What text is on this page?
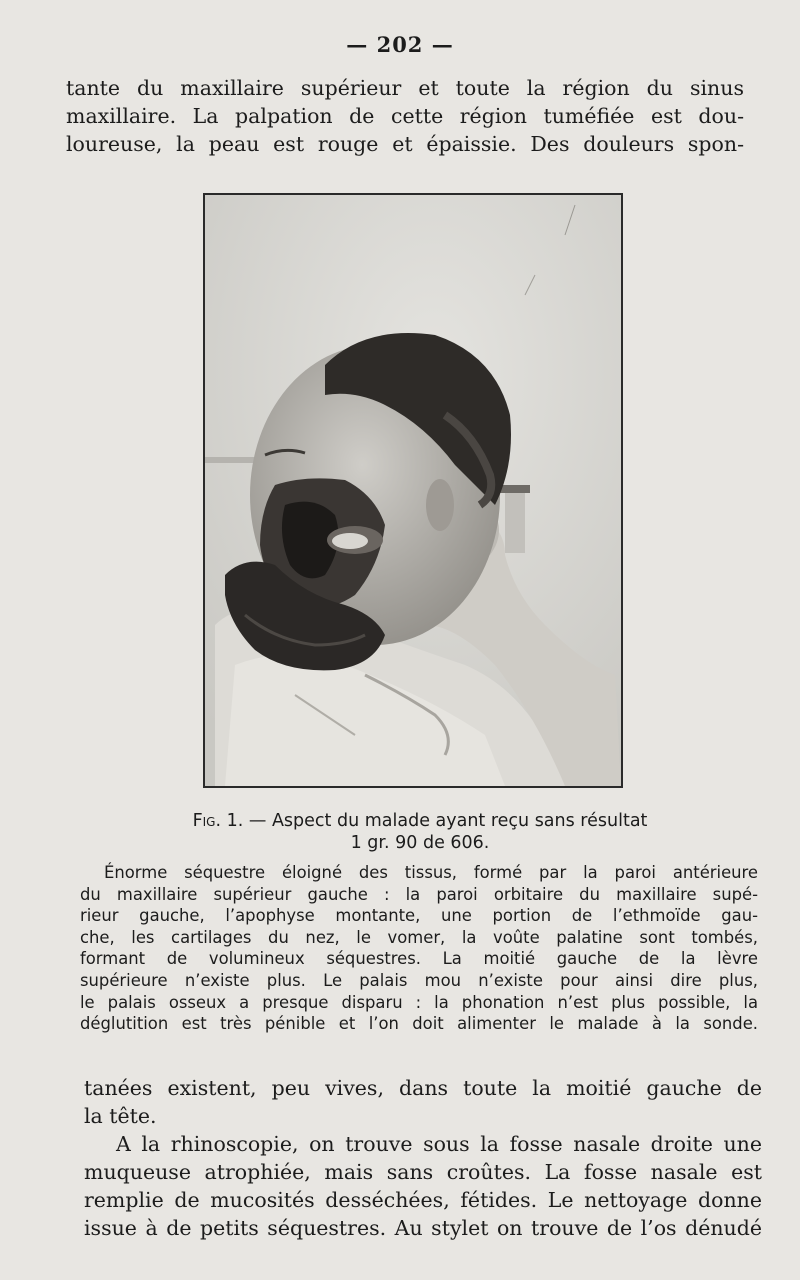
— 202 —
tante du maxillaire supérieur et toute la région du sinus
maxillaire. La palpation de cette région tuméfiée est dou-
loureuse, la peau est rouge et épaissie. Des douleurs spon-
Fig. 1. — Aspect du malade ayant reçu sans résultat
1 gr. 90 de 606.
Énorme séquestre éloigné des tissus, formé par la paroi antérieure
du maxillaire supérieur gauche : la paroi orbitaire du maxillaire supé-
rieur gauche, l’apophyse montante, une portion de l’ethmoïde gau-
che, les cartilages du nez, le vomer, la voûte palatine sont tombés,
formant de volumineux séquestres. La moitié gauche de la lèvre
supérieure n’existe plus. Le palais mou n’existe pour ainsi dire plus,
le palais osseux a presque disparu : la phonation n’est plus possible, la
déglutition est très pénible et l’on doit alimenter le malade à la sonde.
tanées existent, peu vives, dans toute la moitié gauche de
la tête.
A la rhinoscopie, on trouve sous la fosse nasale droite une
muqueuse atrophiée, mais sans croûtes. La fosse nasale est
remplie de mucosités desséchées, fétides. Le nettoyage donne
issue à de petits séquestres. Au stylet on trouve de l’os dénudé
